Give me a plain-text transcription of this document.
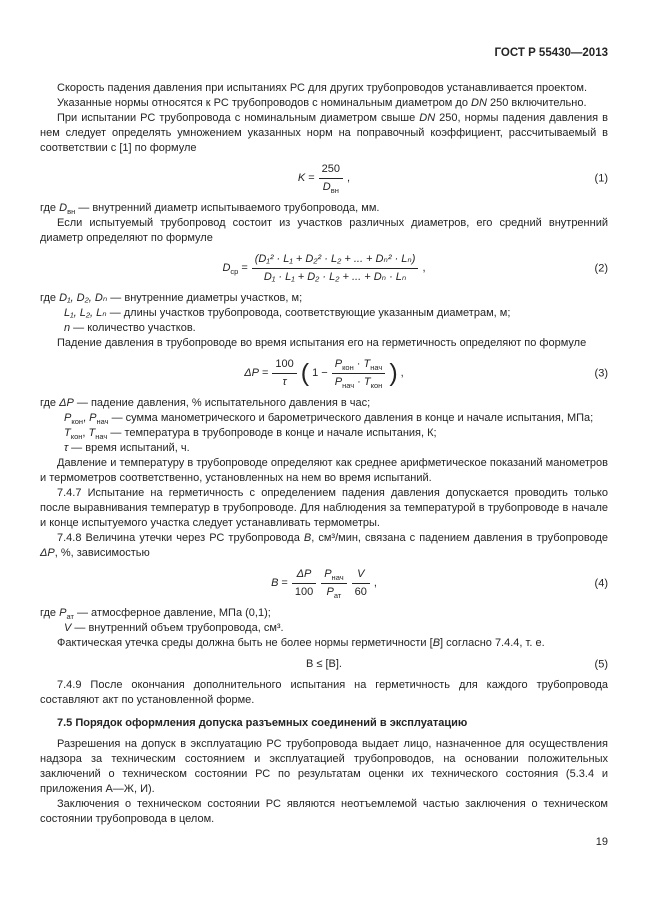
ГОСТ Р 55430—2013

Скорость падения давления при испытаниях РС для других трубопроводов устанавливается проектом.

Указанные нормы относятся к РС трубопроводов с номинальным диаметром до DN 250 включительно.

При испытании РС трубопровода с номинальным диаметром свыше DN 250, нормы падения давления в нем следует определять умножением указанных норм на поправочный коэффициент, рассчитываемый в соответствии с [1] по формуле

$K = \frac{250}{D_{вн}}$ ,	(1)
где $D_{вн}$ — внутренний диаметр испытываемого трубопровода, мм.

Если испытуемый трубопровод состоит из участков различных диаметров, его средний внутренний диаметр определяют по формуле

$D_{ср} = \frac{\text{(D₁² · L₁ + D₂² · L₂ + ... + Dₙ² · Lₙ)}}{\text{D₁ · L₁ + D₂ · L₂ + ... + Dₙ · Lₙ}}$ ,	(2)
где D₁, D₂, Dₙ — внутренние диаметры участков, м;
L₁, L₂, Lₙ — длины участков трубопровода, соответствующие указанным диаметрам, м;
n — количество участков.

Падение давления в трубопроводе во время испытания его на герметичность определяют по формуле

$\Delta P = \frac{100}{\tau}$ ( $1 - \frac{P_{кон} \cdot T_{нач}}{P_{нач} \cdot T_{кон}}$ ) ,	(3)
где ΔP — падение давления, % испытательного давления в час;
$P_{кон}$, $P_{нач}$ — сумма манометрического и барометрического давления в конце и начале испытания, МПа;
$T_{кон}$, $T_{нач}$ — температура в трубопроводе в конце и начале испытания, К;
τ — время испытаний, ч.

Давление и температуру в трубопроводе определяют как среднее арифметическое показаний манометров и термометров соответственно, установленных на нем во время испытаний.

7.4.7 Испытание на герметичность с определением падения давления допускается проводить только после выравнивания температур в трубопроводе. Для наблюдения за температурой в трубопроводе в начале и конце испытуемого участка следует устанавливать термометры.

7.4.8 Величина утечки через РС трубопровода B, см³/мин, связана с падением давления в трубопроводе ΔP, %, зависимостью

$B = \frac{\Delta P}{100} \frac{P_{нач}}{P_{ат}} \frac{V}{60}$ ,	(4)
где $P_{ат}$ — атмосферное давление, МПа (0,1);
V — внутренний объем трубопровода, см³.

Фактическая утечка среды должна быть не более нормы герметичности [B] согласно 7.4.4, т. е.

В ≤ [В].	(5)

7.4.9 После окончания дополнительного испытания на герметичность для каждого трубопровода составляют акт по установленной форме.

7.5 Порядок оформления допуска разъемных соединений в эксплуатацию

Разрешения на допуск в эксплуатацию РС трубопровода выдает лицо, назначенное для осуществления надзора за техническим состоянием и эксплуатацией трубопроводов, на основании положительных заключений о техническом состоянии РС по результатам оценки их технического состояния (5.3.4 и приложения А—Ж, И).

Заключения о техническом состоянии РС являются неотъемлемой частью заключения о техническом состоянии трубопровода в целом.

19
